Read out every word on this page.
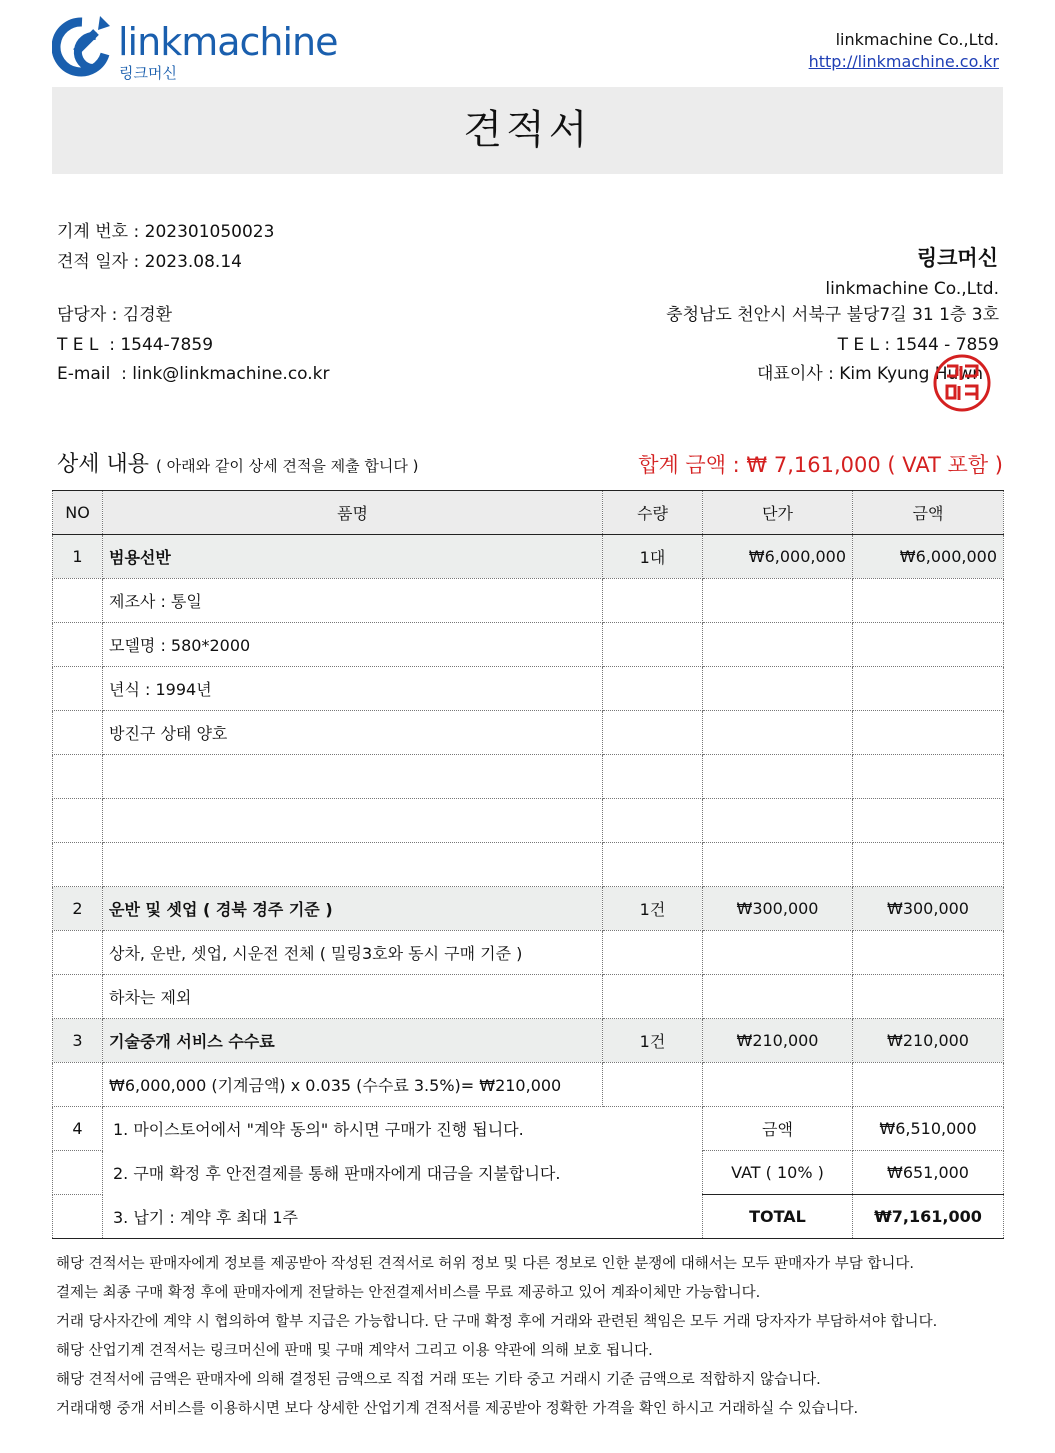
linkmachine
링크머신
linkmachine Co.,Ltd.
http://linkmachine.co.kr
견적서
기계 번호 : 202301050023
견적 일자 : 2023.08.14
담당자 : 김경환
T E L  : 1544-7859
E-mail  : link@linkmachine.co.kr
링크머신
linkmachine Co.,Ltd.
충청남도 천안시 서북구 불당7길 31 1층 3호
T E L : 1544 - 7859
대표이사 : Kim Kyung Huwn
상세 내용 ( 아래와 같이 상세 견적을 제출 합니다 )	합계 금액 : ₩ 7,161,000 ( VAT 포함 )
NO	품명	수량	단가	금액
1	범용선반	1대	₩6,000,000	₩6,000,000
	제조사 : 통일			
	모델명 : 580*2000			
	년식 : 1994년			
	방진구 상태 양호			

2	운반 및 셋업 ( 경북 경주 기준 )	1건	₩300,000	₩300,000
	상차, 운반, 셋업, 시운전 전체 ( 밀링3호와 동시 구매 기준 )			
	하차는 제외			
3	기술중개 서비스 수수료	1건	₩210,000	₩210,000
	₩6,000,000 (기계금액) x 0.035 (수수료 3.5%)= ₩210,000			
4	1. 마이스토어에서 "계약 동의" 하시면 구매가 진행 됩니다.		금액	₩6,510,000
	2. 구매 확정 후 안전결제를 통해 판매자에게 대금을 지불합니다.		VAT ( 10% )	₩651,000
	3. 납기 : 계약 후 최대 1주		TOTAL	₩7,161,000
해당 견적서는 판매자에게 정보를 제공받아 작성된 견적서로 허위 정보 및 다른 정보로 인한 분쟁에 대해서는 모두 판매자가 부담 합니다.
결제는 최종 구매 확정 후에 판매자에게 전달하는 안전결제서비스를 무료 제공하고 있어 계좌이체만 가능합니다.
거래 당사자간에 계약 시 협의하여 할부 지급은 가능합니다. 단 구매 확정 후에 거래와 관련된 책임은 모두 거래 당자자가 부담하셔야 합니다.
해당 산업기계 견적서는 링크머신에 판매 및 구매 계약서 그리고 이용 약관에 의해 보호 됩니다.
해당 견적서에 금액은 판매자에 의해 결정된 금액으로 직접 거래 또는 기타 중고 거래시 기준 금액으로 적합하지 않습니다.
거래대행 중개 서비스를 이용하시면 보다 상세한 산업기계 견적서를 제공받아 정확한 가격을 확인 하시고 거래하실 수 있습니다.
